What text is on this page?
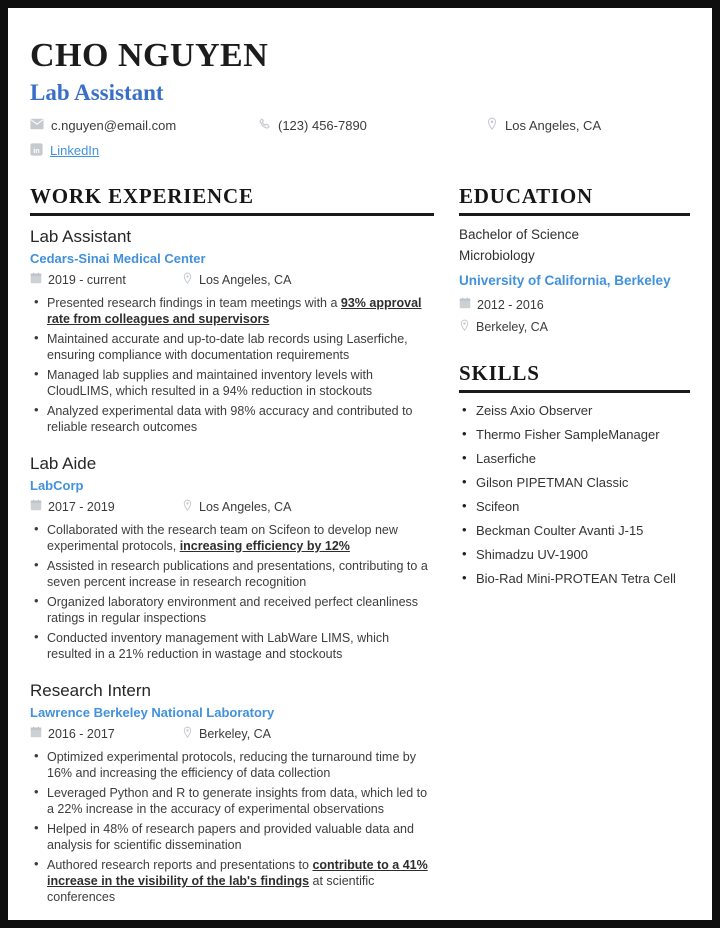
CHO NGUYEN
Lab Assistant
c.nguyen@email.com	(123) 456-7890	Los Angeles, CA
in LinkedIn
WORK EXPERIENCE
Lab Assistant
Cedars-Sinai Medical Center
2019 - current	Los Angeles, CA
• Presented research findings in team meetings with a 93% approval rate from colleagues and supervisors
• Maintained accurate and up-to-date lab records using Laserfiche, ensuring compliance with documentation requirements
• Managed lab supplies and maintained inventory levels with CloudLIMS, which resulted in a 94% reduction in stockouts
• Analyzed experimental data with 98% accuracy and contributed to reliable research outcomes
Lab Aide
LabCorp
2017 - 2019	Los Angeles, CA
• Collaborated with the research team on Scifeon to develop new experimental protocols, increasing efficiency by 12%
• Assisted in research publications and presentations, contributing to a seven percent increase in research recognition
• Organized laboratory environment and received perfect cleanliness ratings in regular inspections
• Conducted inventory management with LabWare LIMS, which resulted in a 21% reduction in wastage and stockouts
Research Intern
Lawrence Berkeley National Laboratory
2016 - 2017	Berkeley, CA
• Optimized experimental protocols, reducing the turnaround time by 16% and increasing the efficiency of data collection
• Leveraged Python and R to generate insights from data, which led to a 22% increase in the accuracy of experimental observations
• Helped in 48% of research papers and provided valuable data and analysis for scientific dissemination
• Authored research reports and presentations to contribute to a 41% increase in the visibility of the lab's findings at scientific conferences
EDUCATION
Bachelor of Science
Microbiology
University of California, Berkeley
2012 - 2016
Berkeley, CA
SKILLS
• Zeiss Axio Observer
• Thermo Fisher SampleManager
• Laserfiche
• Gilson PIPETMAN Classic
• Scifeon
• Beckman Coulter Avanti J-15
• Shimadzu UV-1900
• Bio-Rad Mini-PROTEAN Tetra Cell
